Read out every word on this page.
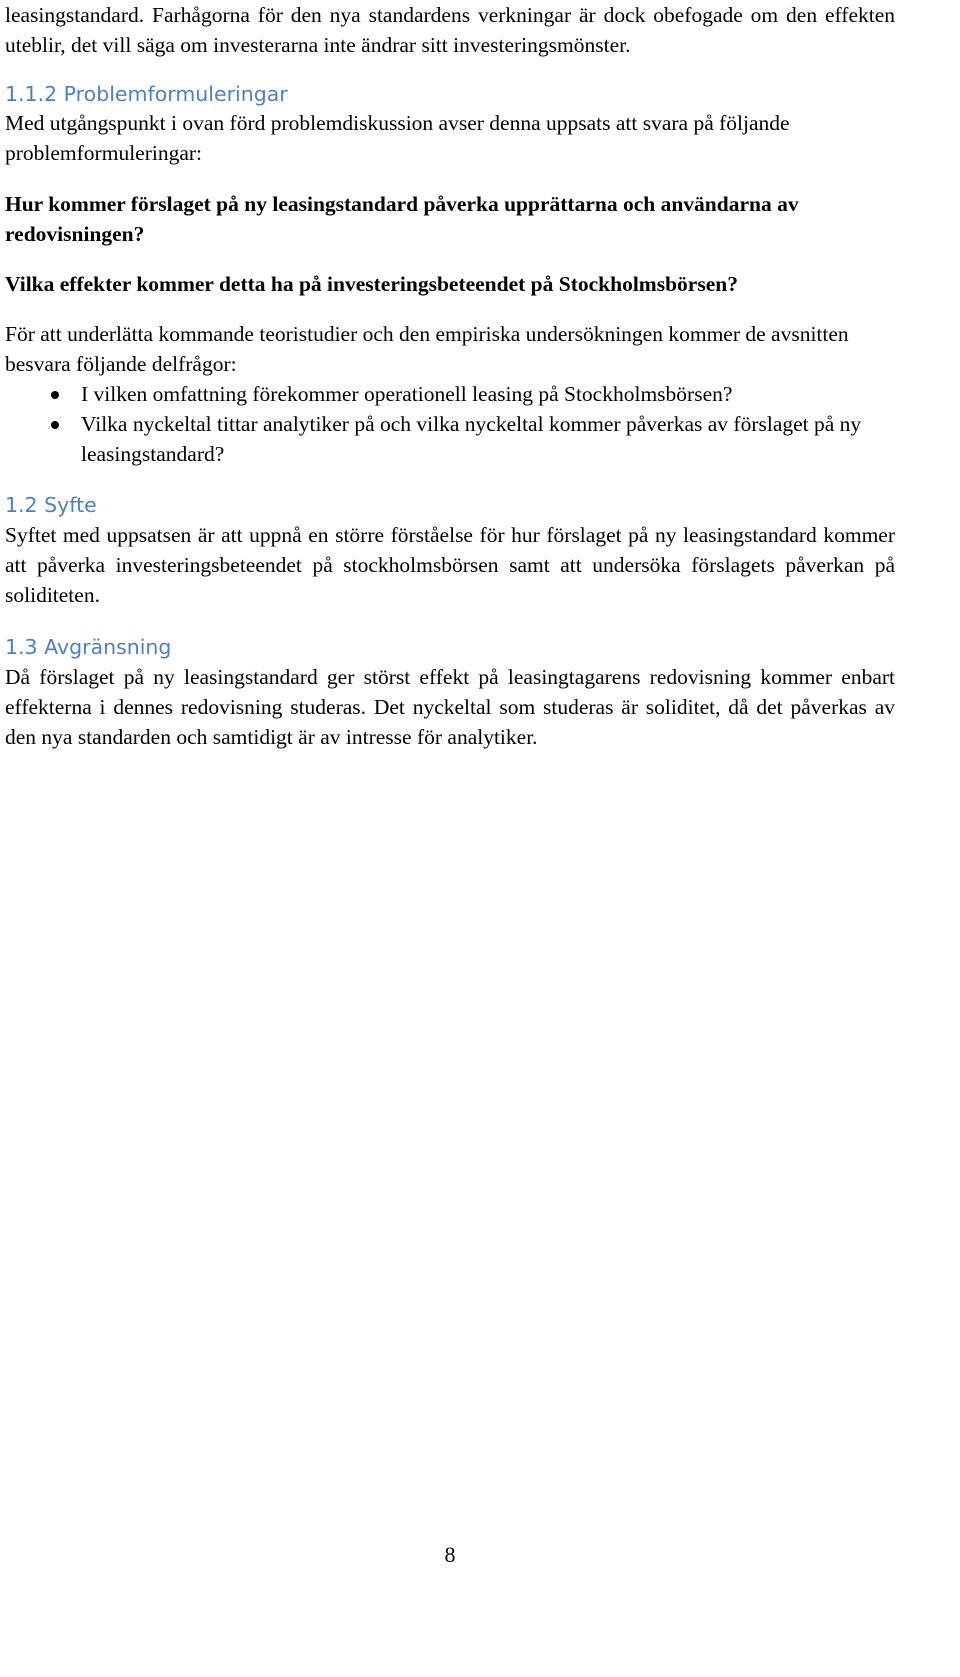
leasingstandard. Farhågorna för den nya standardens verkningar är dock obefogade om den effekten uteblir, det vill säga om investerarna inte ändrar sitt investeringsmönster.

1.1.2 Problemformuleringar

Med utgångspunkt i ovan förd problemdiskussion avser denna uppsats att svara på följande problemformuleringar:

Hur kommer förslaget på ny leasingstandard påverka upprättarna och användarna av redovisningen?

Vilka effekter kommer detta ha på investeringsbeteendet på Stockholmsbörsen?

För att underlätta kommande teoristudier och den empiriska undersökningen kommer de avsnitten besvara följande delfrågor:

I vilken omfattning förekommer operationell leasing på Stockholmsbörsen?
Vilka nyckeltal tittar analytiker på och vilka nyckeltal kommer påverkas av förslaget på ny leasingstandard?
1.2 Syfte

Syftet med uppsatsen är att uppnå en större förståelse för hur förslaget på ny leasingstandard kommer att påverka investeringsbeteendet på stockholmsbörsen samt att undersöka förslagets påverkan på soliditeten.

1.3 Avgränsning

Då förslaget på ny leasingstandard ger störst effekt på leasingtagarens redovisning kommer enbart effekterna i dennes redovisning studeras. Det nyckeltal som studeras är soliditet, då det påverkas av den nya standarden och samtidigt är av intresse för analytiker.

8
